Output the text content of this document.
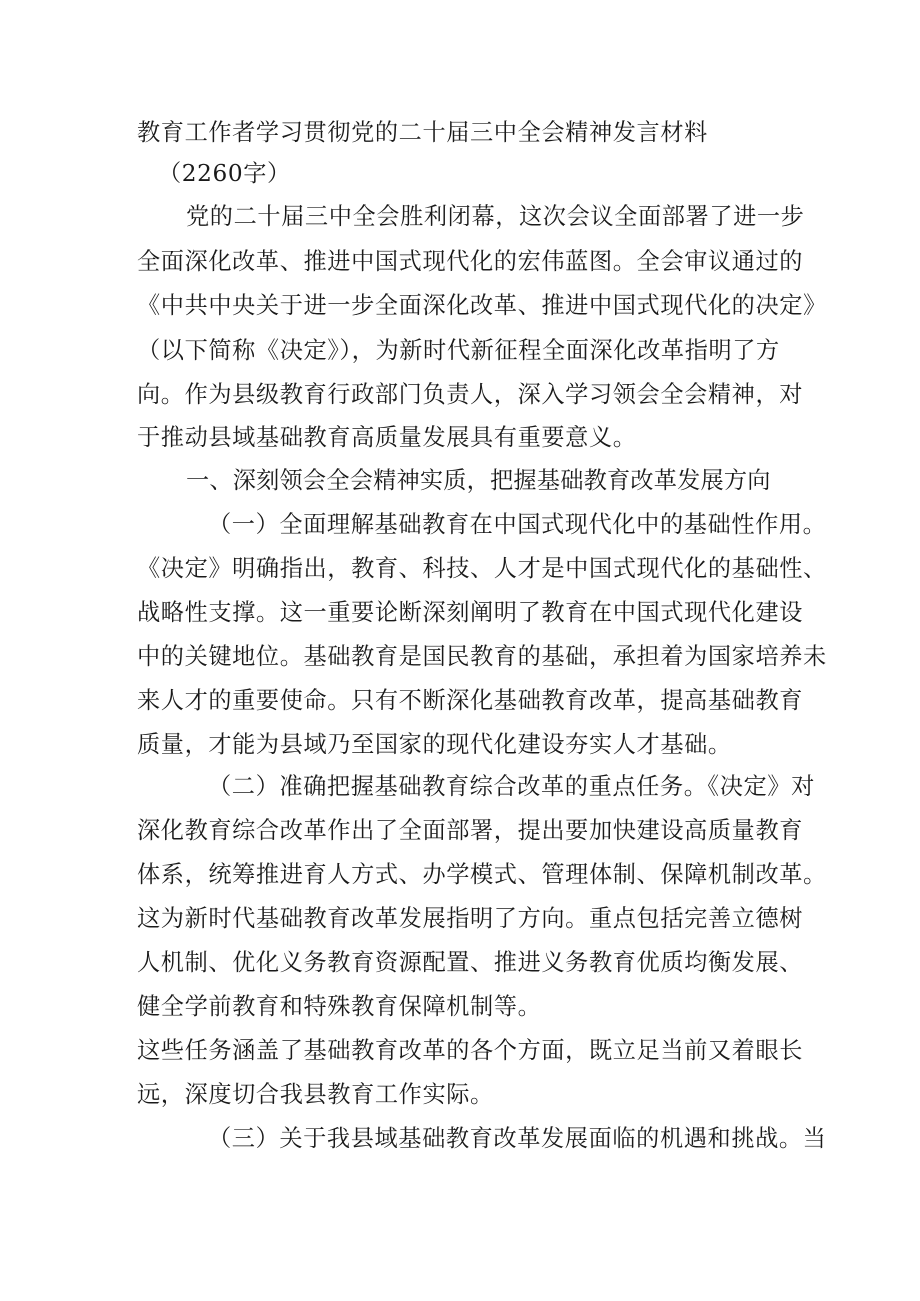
教育工作者学习贯彻党的二十届三中全会精神发言材料
（2260字）
党的二十届三中全会胜利闭幕，这次会议全面部署了进一步
全面深化改革、推进中国式现代化的宏伟蓝图。全会审议通过的
《中共中央关于进一步全面深化改革、推进中国式现代化的决定》
（以下简称《决定》），为新时代新征程全面深化改革指明了方
向。作为县级教育行政部门负责人，深入学习领会全会精神，对
于推动县域基础教育高质量发展具有重要意义。
一、深刻领会全会精神实质，把握基础教育改革发展方向
（一）全面理解基础教育在中国式现代化中的基础性作用。
《决定》明确指出，教育、科技、人才是中国式现代化的基础性、
战略性支撑。这一重要论断深刻阐明了教育在中国式现代化建设
中的关键地位。基础教育是国民教育的基础，承担着为国家培养未
来人才的重要使命。只有不断深化基础教育改革，提高基础教育
质量，才能为县域乃至国家的现代化建设夯实人才基础。
（二）准确把握基础教育综合改革的重点任务。《决定》对
深化教育综合改革作出了全面部署，提出要加快建设高质量教育
体系，统筹推进育人方式、办学模式、管理体制、保障机制改革。
这为新时代基础教育改革发展指明了方向。重点包括完善立德树
人机制、优化义务教育资源配置、推进义务教育优质均衡发展、
健全学前教育和特殊教育保障机制等。
这些任务涵盖了基础教育改革的各个方面，既立足当前又着眼长
远，深度切合我县教育工作实际。
（三）关于我县域基础教育改革发展面临的机遇和挑战。当
